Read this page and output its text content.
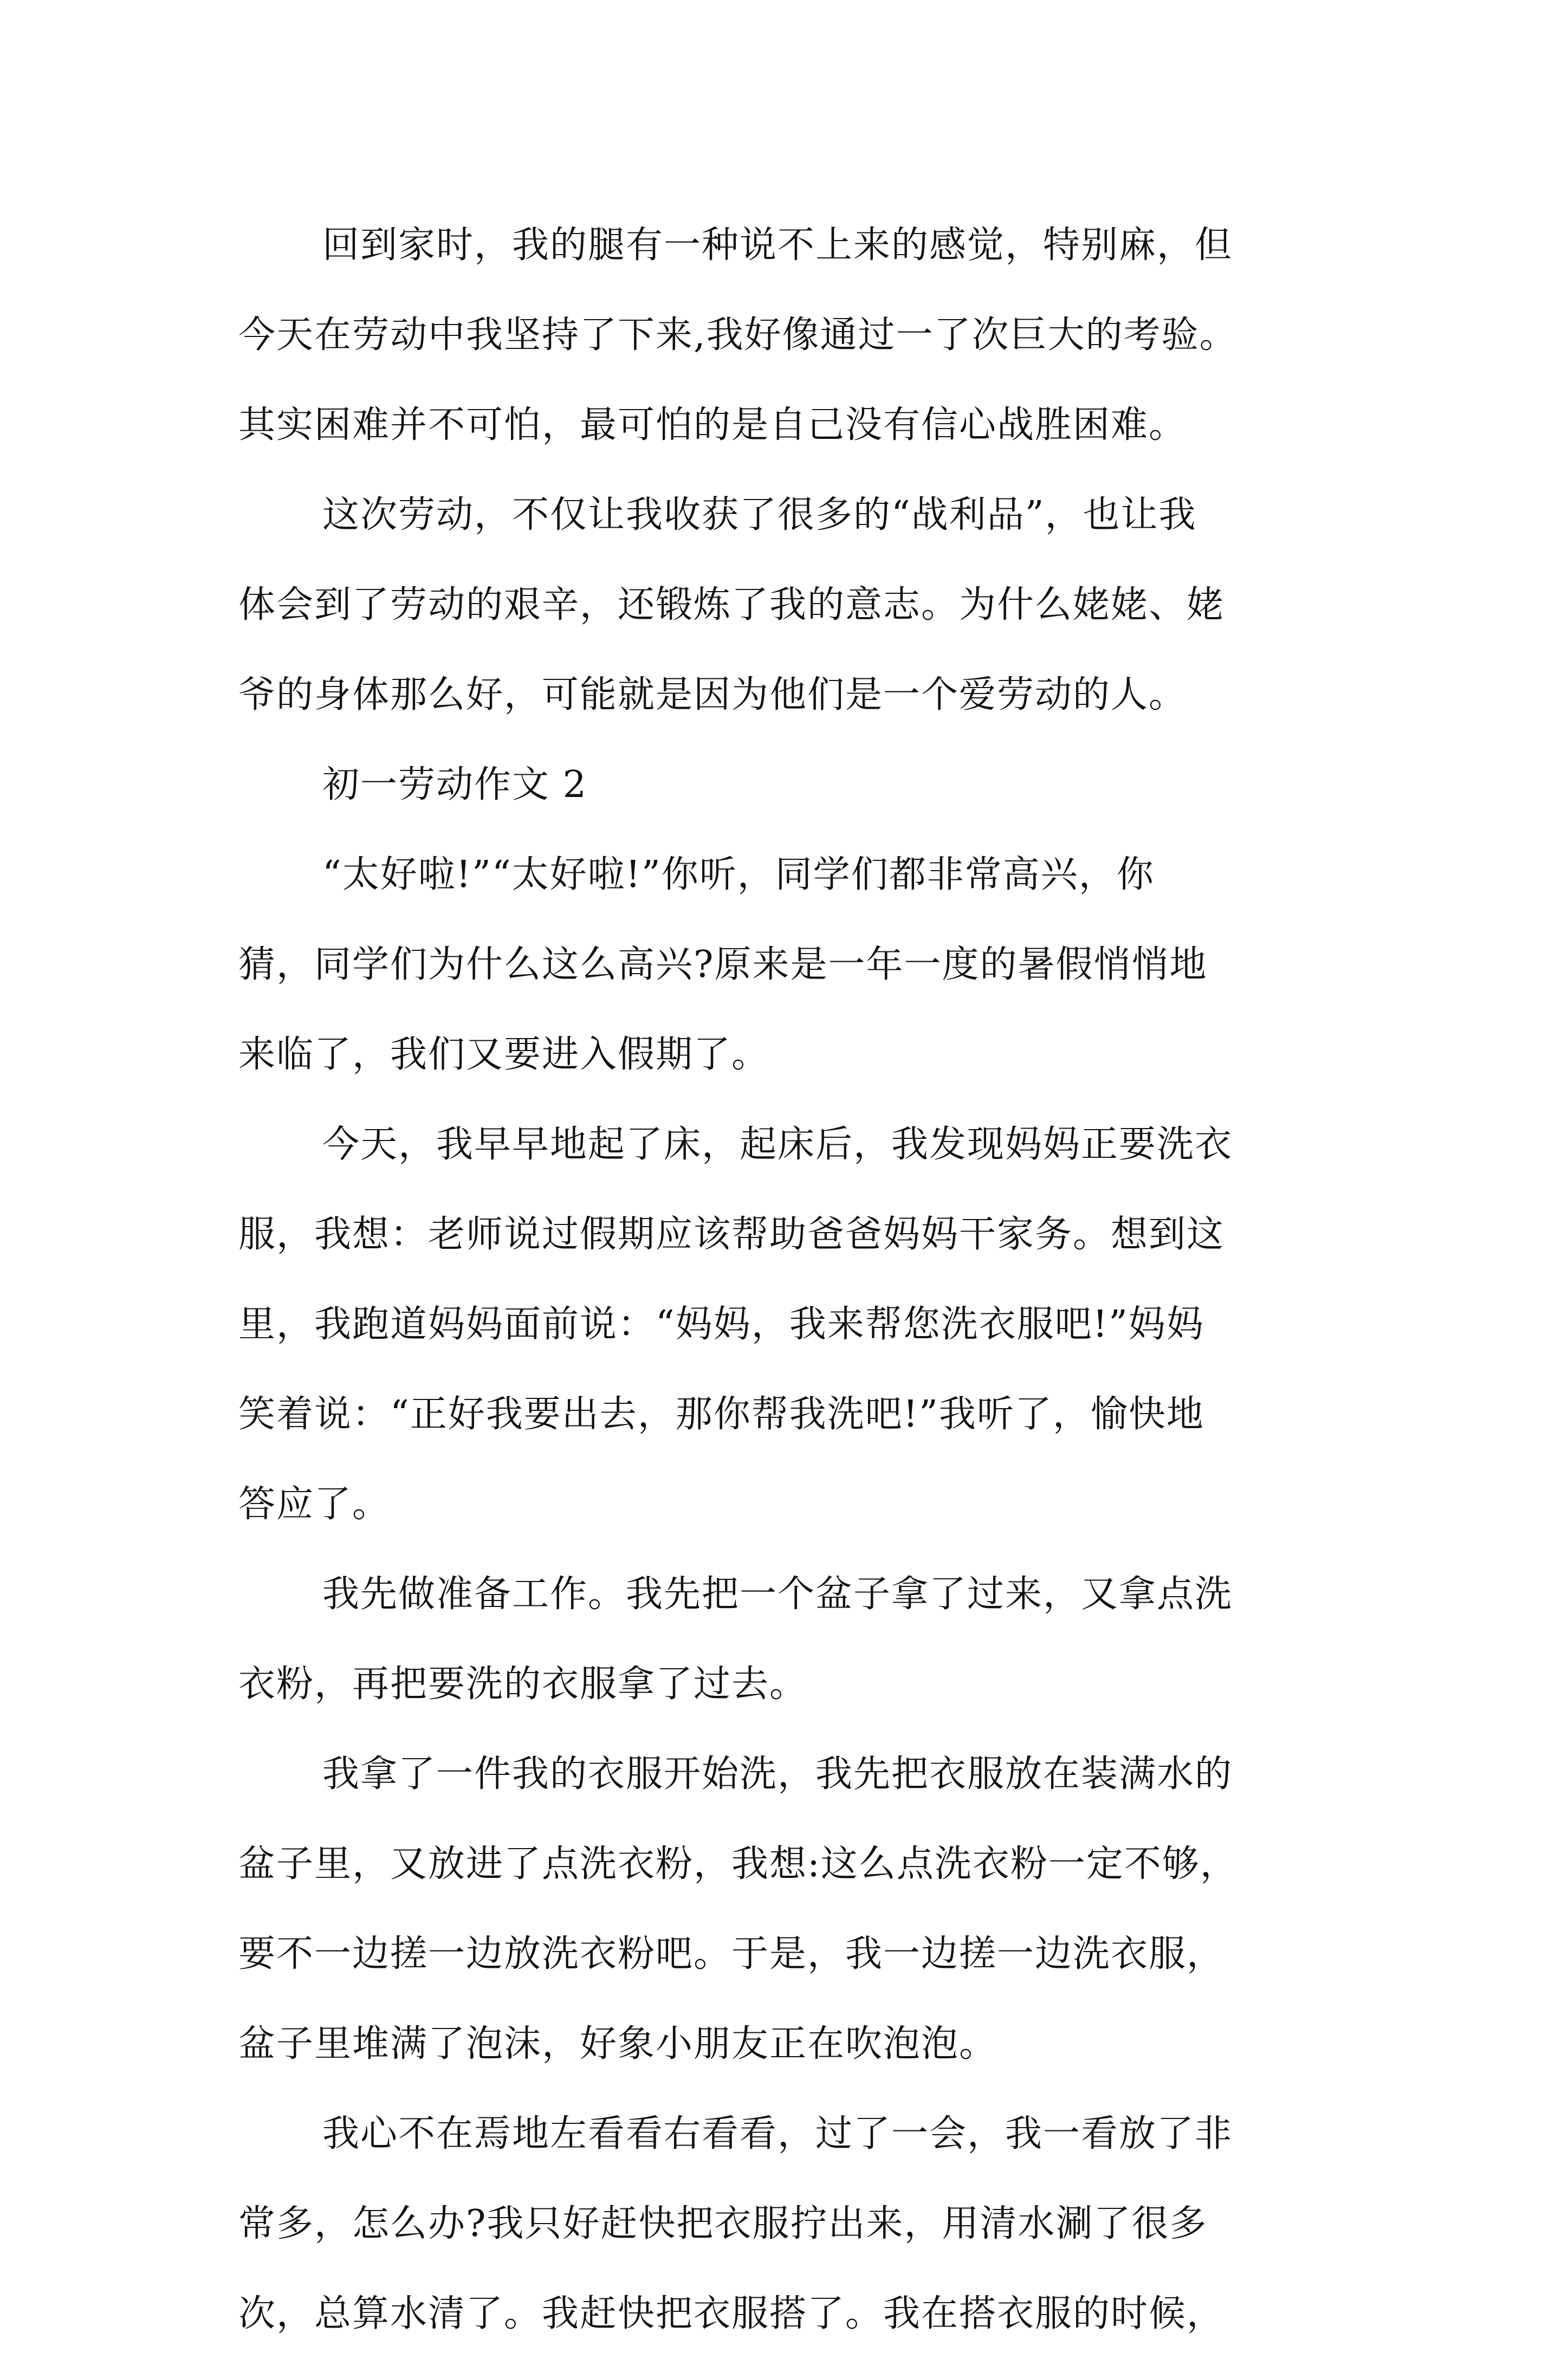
回到家时，我的腿有一种说不上来的感觉，特别麻，但
今天在劳动中我坚持了下来,我好像通过一了次巨大的考验。
其实困难并不可怕，最可怕的是自己没有信心战胜困难。
这次劳动，不仅让我收获了很多的“战利品”，也让我
体会到了劳动的艰辛，还锻炼了我的意志。为什么姥姥、姥
爷的身体那么好，可能就是因为他们是一个爱劳动的人。
初一劳动作文 2
“太好啦!”“太好啦!”你听，同学们都非常高兴，你
猜，同学们为什么这么高兴?原来是一年一度的暑假悄悄地
来临了，我们又要进入假期了。
今天，我早早地起了床，起床后，我发现妈妈正要洗衣
服，我想：老师说过假期应该帮助爸爸妈妈干家务。想到这
里，我跑道妈妈面前说：“妈妈，我来帮您洗衣服吧!”妈妈
笑着说：“正好我要出去，那你帮我洗吧!”我听了，愉快地
答应了。
我先做准备工作。我先把一个盆子拿了过来，又拿点洗
衣粉，再把要洗的衣服拿了过去。
我拿了一件我的衣服开始洗，我先把衣服放在装满水的
盆子里，又放进了点洗衣粉，我想:这么点洗衣粉一定不够，
要不一边搓一边放洗衣粉吧。于是，我一边搓一边洗衣服，
盆子里堆满了泡沫，好象小朋友正在吹泡泡。
我心不在焉地左看看右看看，过了一会，我一看放了非
常多，怎么办?我只好赶快把衣服拧出来，用清水涮了很多
次，总算水清了。我赶快把衣服搭了。我在搭衣服的时候，
